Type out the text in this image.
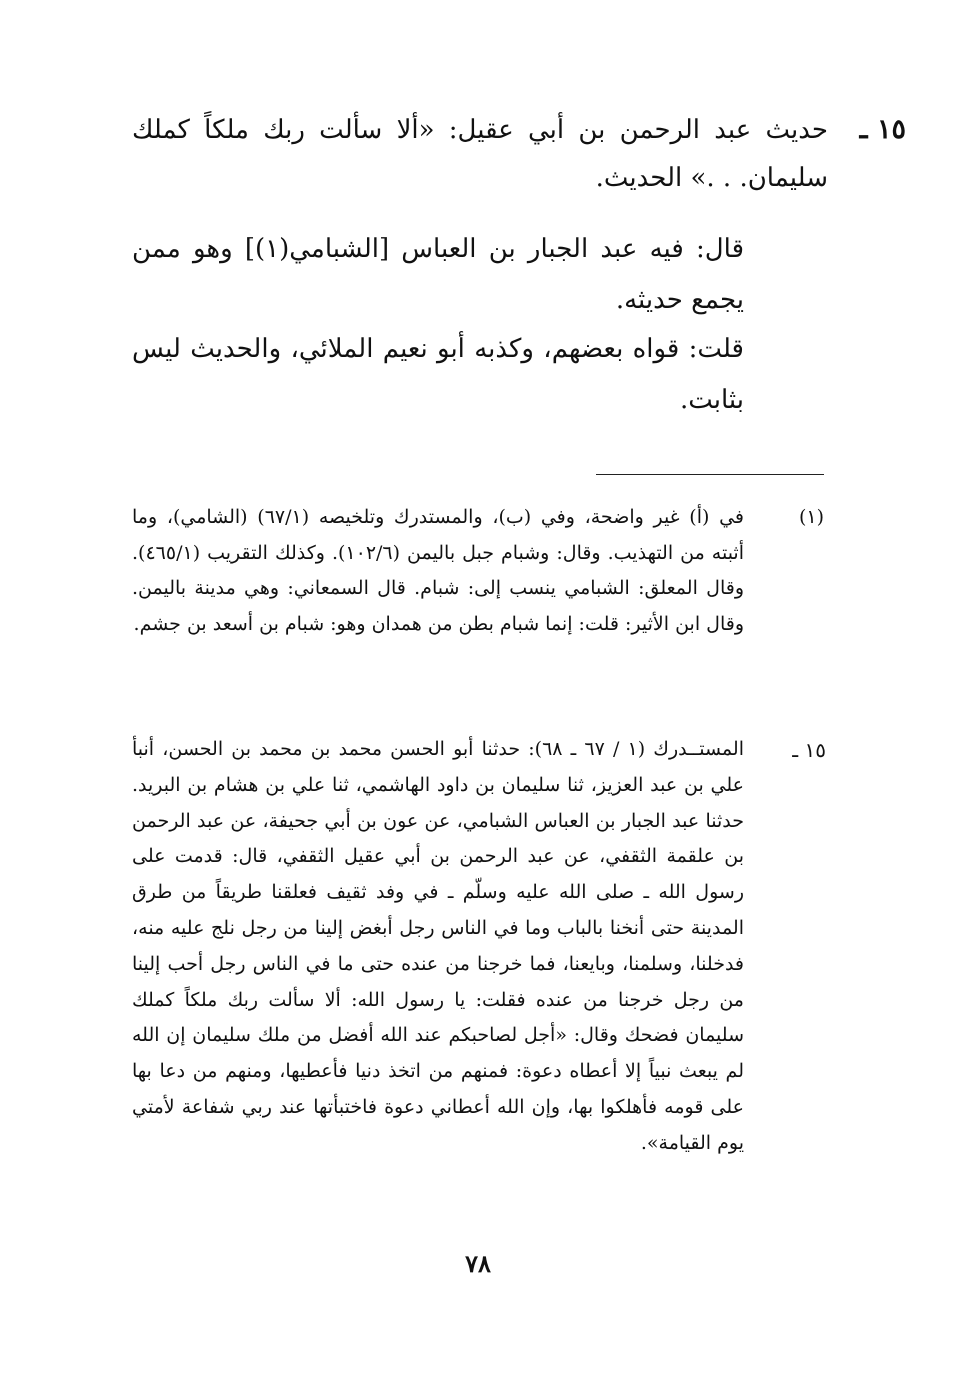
١٥ ـ

حديث عبد الرحمن بن أبي عقيل: «ألا سألت ربك ملكاً كملك سليمان. . .» الحديث.

قال: فيه عبد الجبار بن العباس [الشبامي(١)] وهو ممن يجمع حديثه.

قلت: قواه بعضهم، وكذبه أبو نعيم الملائي، والحديث ليس بثابت.

(١)

في (أ) غير واضحة، وفي (ب)، والمستدرك وتلخيصه (٦٧/١) (الشامي)، وما أثبته من التهذيب. وقال: وشبام جبل باليمن (١٠٢/٦). وكذلك التقريب (٤٦٥/١). وقال المعلق: الشبامي ينسب إلى: شبام. قال السمعاني: وهي مدينة باليمن. وقال ابن الأثير: قلت: إنما شبام بطن من همدان وهو: شبام بن أسعد بن جشم.

١٥ ـ

المستــدرك (١ / ٦٧ ـ ٦٨): حدثنا أبو الحسن محمد بن محمد بن الحسن، أنبأ علي بن عبد العزيز، ثنا سليمان بن داود الهاشمي، ثنا علي بن هشام بن البريد. حدثنا عبد الجبار بن العباس الشبامي، عن عون بن أبي جحيفة، عن عبد الرحمن بن علقمة الثقفي، عن عبد الرحمن بن أبي عقيل الثقفي، قال: قدمت على رسول الله ـ صلى الله عليه وسلّم ـ في وفد ثقيف فعلقنا طريقاً من طرق المدينة حتى أنخنا بالباب وما في الناس رجل أبغض إلينا من رجل نلج عليه منه، فدخلنا، وسلمنا، وبايعنا، فما خرجنا من عنده حتى ما في الناس رجل أحب إلينا من رجل خرجنا من عنده فقلت: يا رسول الله: ألا سألت ربك ملكاً كملك سليمان فضحك وقال: «أجل لصاحبكم عند الله أفضل من ملك سليمان إن الله لم يبعث نبياً إلا أعطاه دعوة: فمنهم من اتخذ دنيا فأعطيها، ومنهم من دعا بها على قومه فأهلكوا بها، وإن الله أعطاني دعوة فاختبأتها عند ربي شفاعة لأمتي يوم القيامة».

٧٨
